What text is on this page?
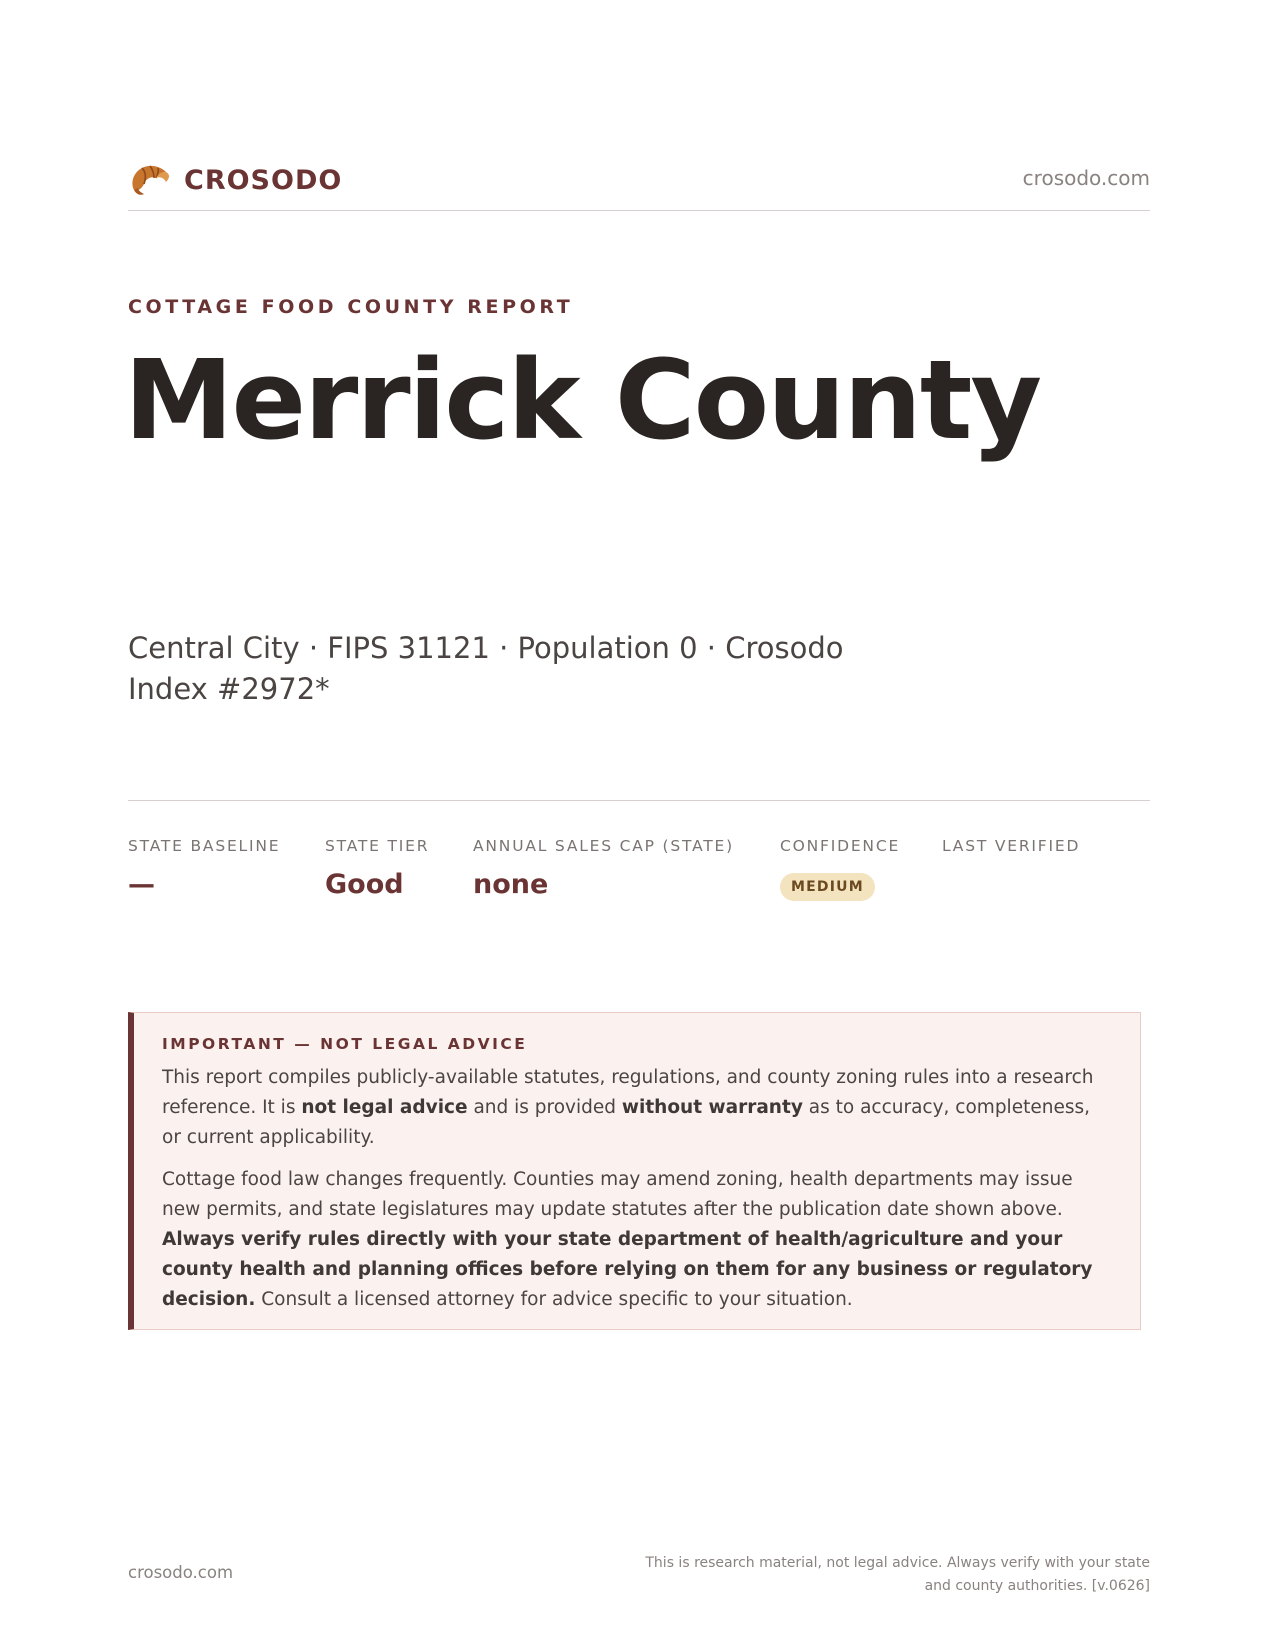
CROSODO	crosodo.com
COTTAGE FOOD COUNTY REPORT
Merrick County
Central City · FIPS 31121 · Population 0 · Crosodo Index #2972*
STATE BASELINE
—
STATE TIER
Good
ANNUAL SALES CAP (STATE)
none
CONFIDENCE
MEDIUM
LAST VERIFIED
IMPORTANT — NOT LEGAL ADVICE

This report compiles publicly-available statutes, regulations, and county zoning rules into a research reference. It is not legal advice and is provided without warranty as to accuracy, completeness, or current applicability.

Cottage food law changes frequently. Counties may amend zoning, health departments may issue new permits, and state legislatures may update statutes after the publication date shown above. Always verify rules directly with your state department of health/agriculture and your county health and planning offices before relying on them for any business or regulatory decision. Consult a licensed attorney for advice specific to your situation.

crosodo.com	This is research material, not legal advice. Always verify with your state and county authorities. [v.0626]
